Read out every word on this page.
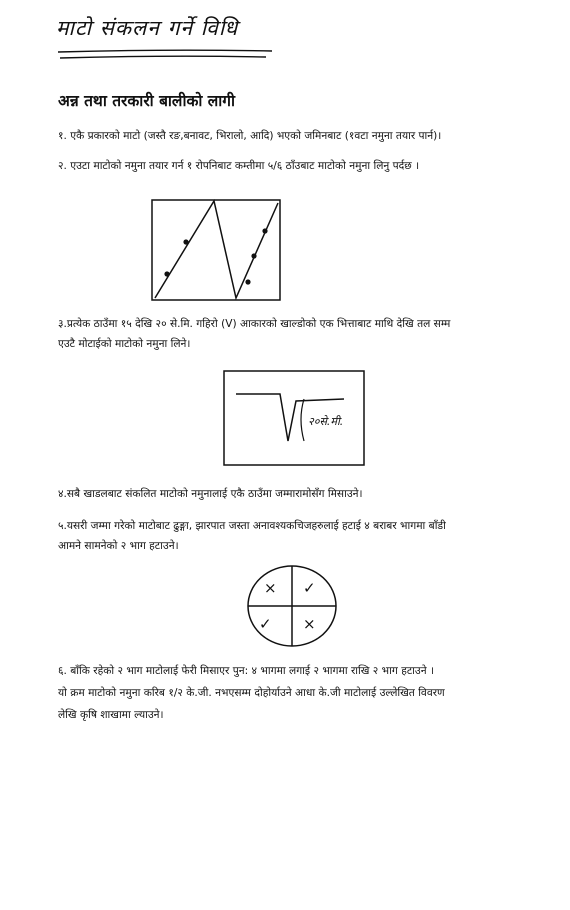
माटो संकलन गर्ने विधि
अन्न तथा तरकारी बालीको लागी
१. एकै प्रकारको माटो (जस्तै रङ,बनावट, भिरालो, आदि) भएको जमिनबाट (१वटा नमुना तयार पार्न)।
२. एउटा माटोको नमुना तयार गर्न १ रोपनिबाट कम्तीमा ५/६ ठाँउबाट माटोको नमुना लिनु पर्दछ ।
३.प्रत्येक ठाउँमा १५ देखि २० से.मि. गहिरो (V) आकारको खाल्डोको एक भित्ताबाट माथि देखि तल सम्म
एउटै मोटाईको माटोको नमुना लिने।
२०से.मी.
४.सबै खाडलबाट संकलित माटोको नमुनालाई एकै ठाउँमा जम्मारामोसँग मिसाउने।
५.यसरी जम्मा गरेको माटोबाट ढुङ्गा, झारपात जस्ता अनावश्यकचिजहरुलाई हटाई ४ बराबर भागमा बाँडी
आमने सामनेको २ भाग हटाउने।
× ✓
✓ ×
६. बाँकि रहेको २ भाग माटोलाई फेरी मिसाएर पुन: ४ भागमा लगाई २ भागमा राखि २ भाग हटाउने ।
यो क्रम माटोको नमुना करिब १/२ के.जी. नभएसम्म दोहोर्याउने आधा के.जी माटोलाई उल्लेखित विवरण
लेखि कृषि शाखामा ल्याउने।
